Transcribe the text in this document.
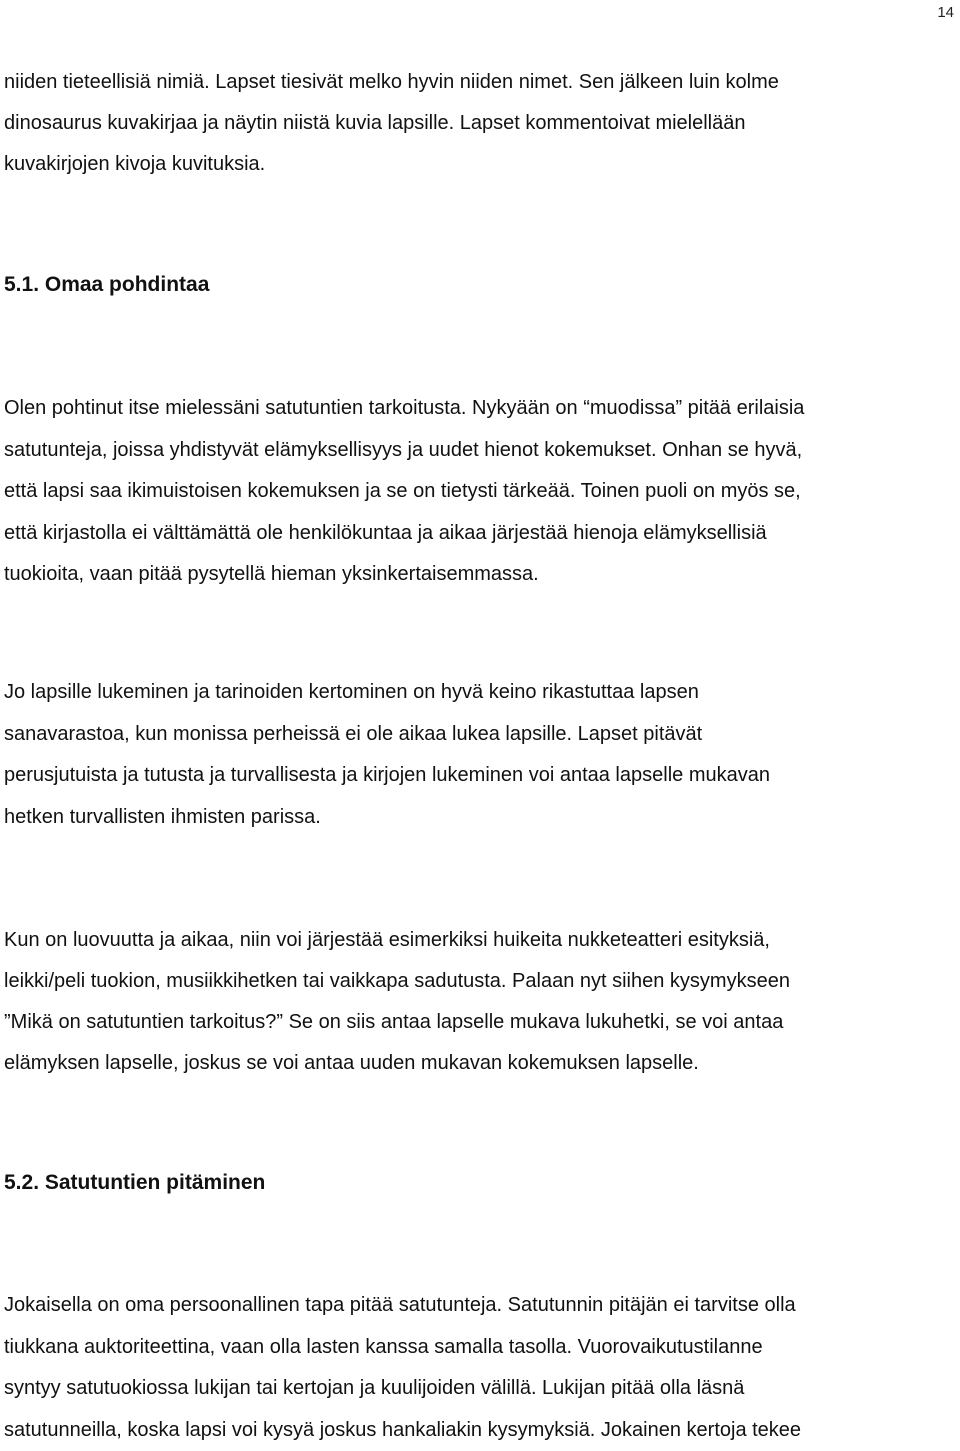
14

niiden tieteellisiä nimiä. Lapset tiesivät melko hyvin niiden nimet. Sen jälkeen luin kolme
dinosaurus kuvakirjaa ja näytin niistä kuvia lapsille. Lapset kommentoivat mielellään
kuvakirjojen kivoja kuvituksia.

5.1. Omaa pohdintaa

Olen pohtinut itse mielessäni satutuntien tarkoitusta. Nykyään on “muodissa” pitää erilaisia
satutunteja, joissa yhdistyvät elämyksellisyys ja uudet hienot kokemukset. Onhan se hyvä,
että lapsi saa ikimuistoisen kokemuksen ja se on tietysti tärkeää. Toinen puoli on myös se,
että kirjastolla ei välttämättä ole henkilökuntaa ja aikaa järjestää hienoja elämyksellisiä
tuokioita, vaan pitää pysytellä hieman yksinkertaisemmassa.

Jo lapsille lukeminen ja tarinoiden kertominen on hyvä keino rikastuttaa lapsen
sanavarastoa, kun monissa perheissä ei ole aikaa lukea lapsille. Lapset pitävät
perusjutuista ja tutusta ja turvallisesta ja kirjojen lukeminen voi antaa lapselle mukavan
hetken turvallisten ihmisten parissa.

Kun on luovuutta ja aikaa, niin voi järjestää esimerkiksi huikeita nukketeatteri esityksiä,
leikki/peli tuokion, musiikkihetken tai vaikkapa sadutusta. Palaan nyt siihen kysymykseen
”Mikä on satutuntien tarkoitus?” Se on siis antaa lapselle mukava lukuhetki, se voi antaa
elämyksen lapselle, joskus se voi antaa uuden mukavan kokemuksen lapselle.

5.2. Satutuntien pitäminen

Jokaisella on oma persoonallinen tapa pitää satutunteja. Satutunnin pitäjän ei tarvitse olla
tiukkana auktoriteettina, vaan olla lasten kanssa samalla tasolla. Vuorovaikutustilanne
syntyy satutuokiossa lukijan tai kertojan ja kuulijoiden välillä. Lukijan pitää olla läsnä
satutunneilla, koska lapsi voi kysyä joskus hankaliakin kysymyksiä. Jokainen kertoja tekee
